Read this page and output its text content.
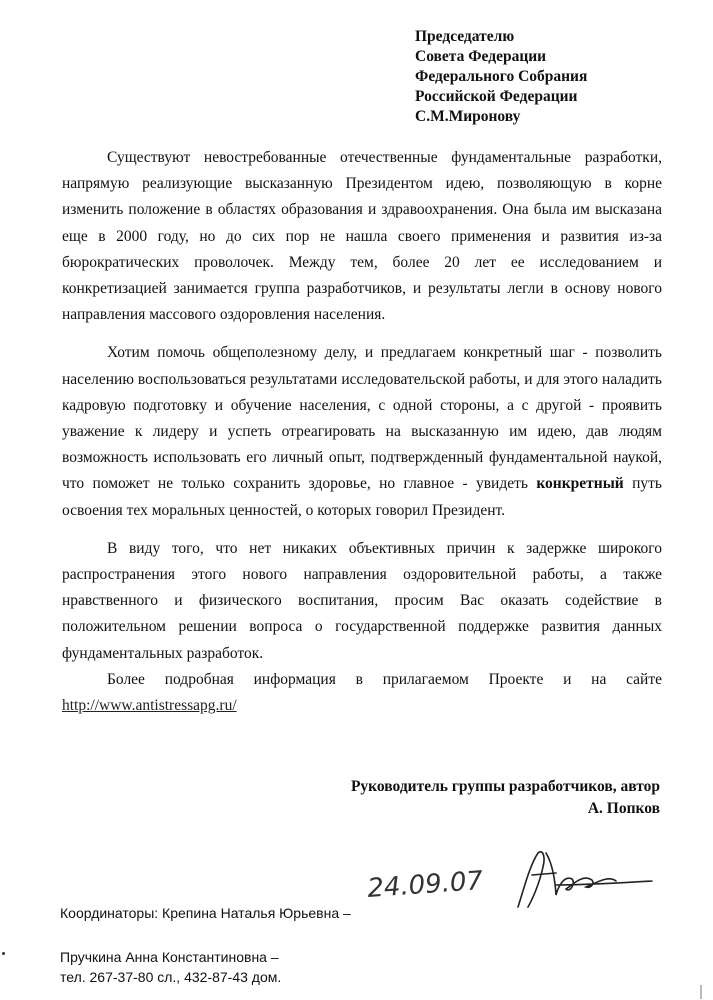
Председателю
Совета Федерации
Федерального Собрания
Российской Федерации
С.М.Миронову

Существуют невостребованные отечественные фундаментальные разработки, напрямую реализующие высказанную Президентом идею, позволяющую в корне изменить положение в областях образования и здравоохранения. Она была им высказана еще в 2000 году, но до сих пор не нашла своего применения и развития из-за бюрократических проволочек. Между тем, более 20 лет ее исследованием и конкретизацией занимается группа разработчиков, и результаты легли в основу нового направления массового оздоровления населения.

Хотим помочь общеполезному делу, и предлагаем конкретный шаг - позволить населению воспользоваться результатами исследовательской работы, и для этого наладить кадровую подготовку и обучение населения, с одной стороны, а с другой - проявить уважение к лидеру и успеть отреагировать на высказанную им идею, дав людям возможность использовать его личный опыт, подтвержденный фундаментальной наукой, что поможет не только сохранить здоровье, но главное - увидеть конкретный путь освоения тех моральных ценностей, о которых говорил Президент.

В виду того, что нет никаких объективных причин к задержке широкого распространения этого нового направления оздоровительной работы, а также нравственного и физического воспитания, просим Вас оказать содействие в положительном решении вопроса о государственной поддержке развития данных фундаментальных разработок.

Более подробная информация в прилагаемом Проекте и на сайте http://www.antistressapg.ru/

Руководитель группы разработчиков, автор
А. Попков
24.09.07
Координаторы: Крепина Наталья Юрьевна –
Пручкина Анна Константиновна –
тел. 267-37-80 сл., 432-87-43 дом.
